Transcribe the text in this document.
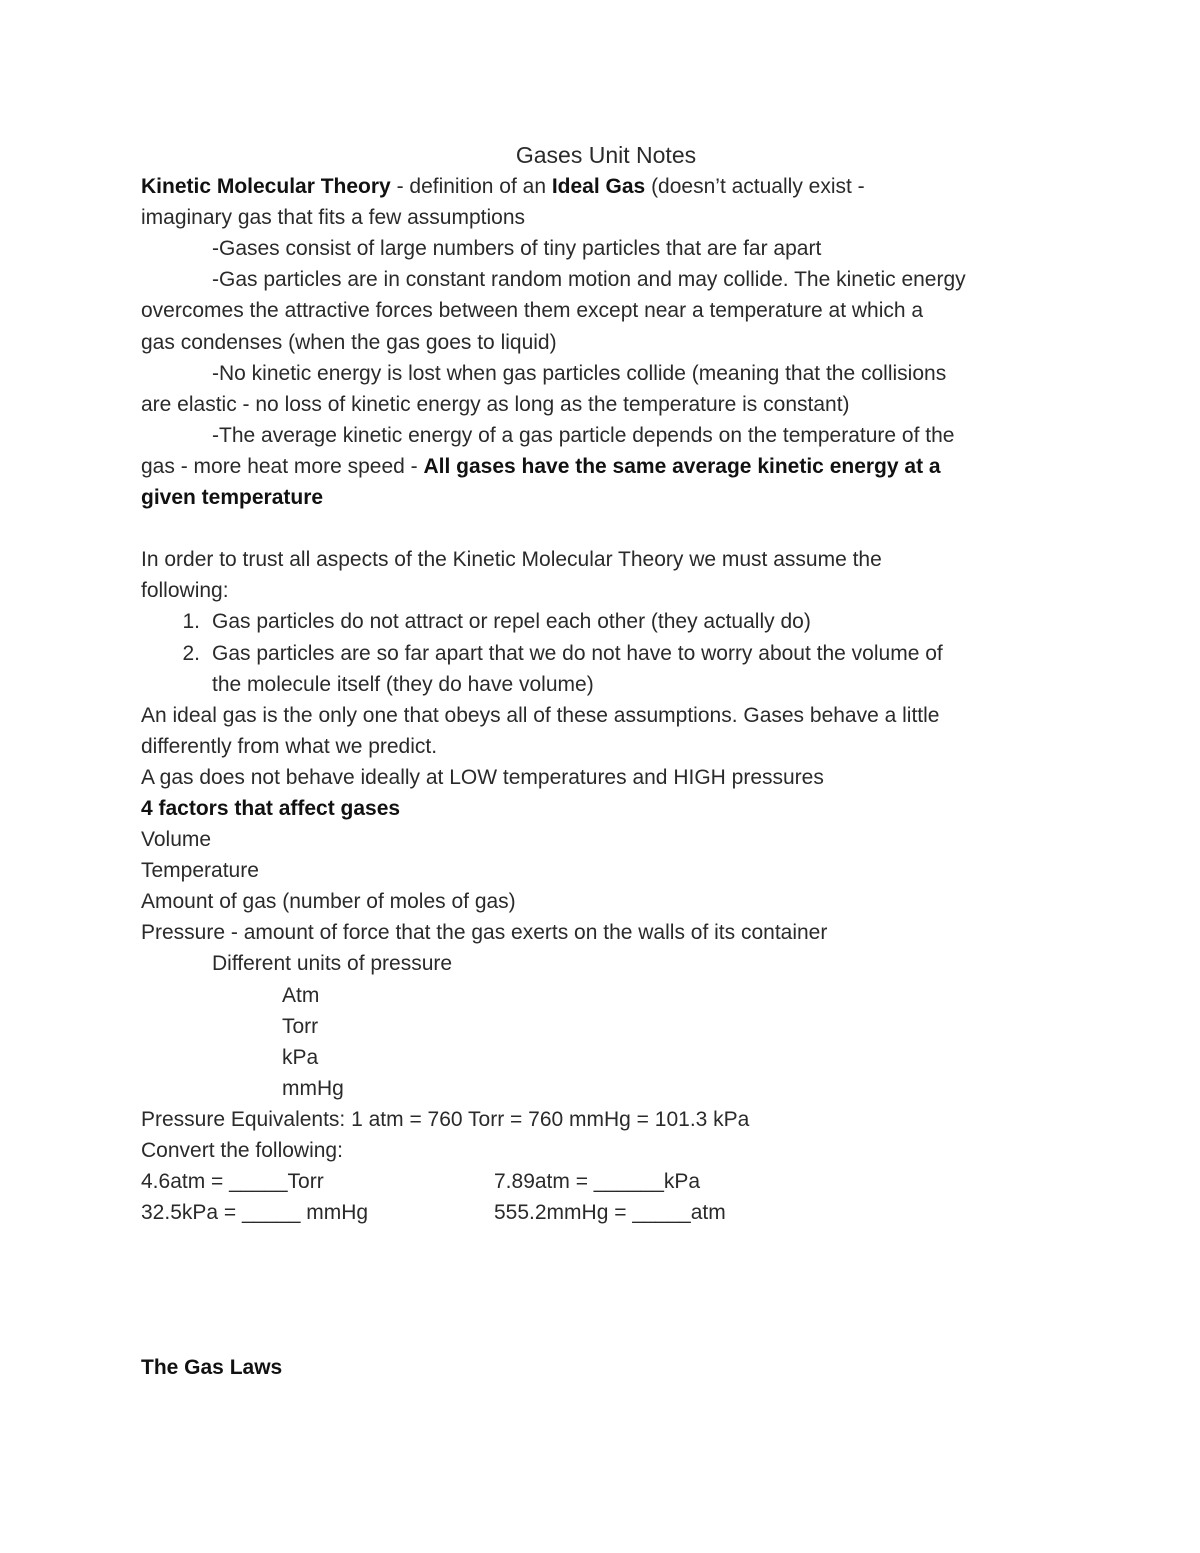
Gases Unit Notes

Kinetic Molecular Theory - definition of an Ideal Gas (doesn’t actually exist -

imaginary gas that fits a few assumptions

-Gases consist of large numbers of tiny particles that are far apart

-Gas particles are in constant random motion and may collide. The kinetic energy

overcomes the attractive forces between them except near a temperature at which a

gas condenses (when the gas goes to liquid)

-No kinetic energy is lost when gas particles collide (meaning that the collisions

are elastic - no loss of kinetic energy as long as the temperature is constant)

-The average kinetic energy of a gas particle depends on the temperature of the

gas - more heat more speed - All gases have the same average kinetic energy at a

given temperature

In order to trust all aspects of the Kinetic Molecular Theory we must assume the

following:

1. Gas particles do not attract or repel each other (they actually do)
2. Gas particles are so far apart that we do not have to worry about the volume of
the molecule itself (they do have volume)

An ideal gas is the only one that obeys all of these assumptions. Gases behave a little

differently from what we predict.

A gas does not behave ideally at LOW temperatures and HIGH pressures

4 factors that affect gases

Volume

Temperature

Amount of gas (number of moles of gas)

Pressure - amount of force that the gas exerts on the walls of its container

Different units of pressure

Atm

Torr

kPa

mmHg

Pressure Equivalents: 1 atm = 760 Torr = 760 mmHg = 101.3 kPa

Convert the following:

4.6atm = _____Torr	7.89atm = ______kPa
32.5kPa = _____ mmHg	555.2mmHg = _____atm

The Gas Laws
